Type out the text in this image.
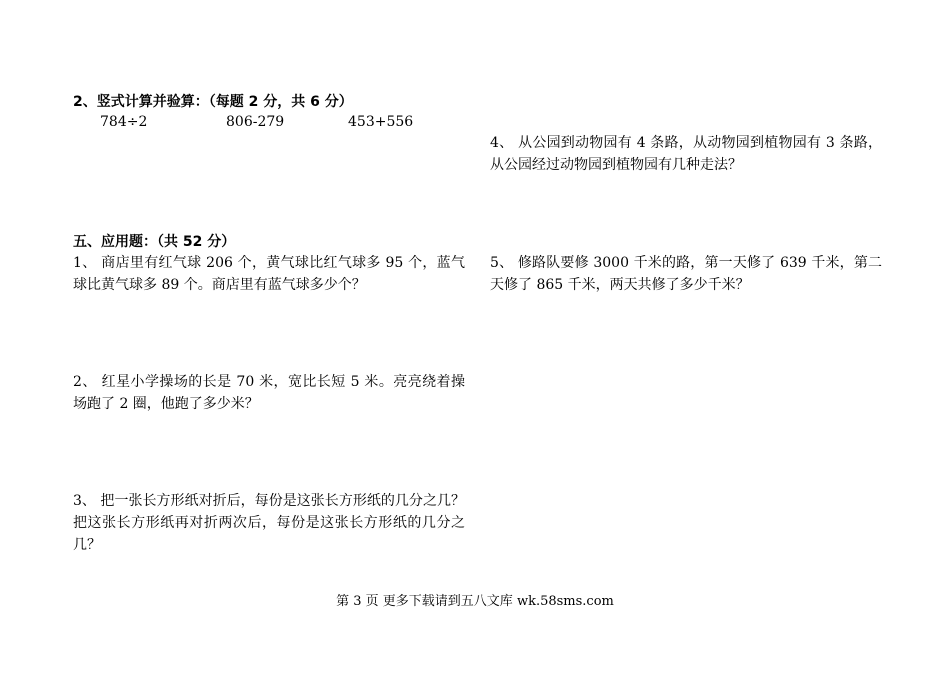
2、竖式计算并验算：（每题 2 分，共 6 分）
784÷2	806-279	453+556
五、应用题：（共 52 分）
1、 商店里有红气球 206 个，黄气球比红气球多 95 个，蓝气球比黄气球多 89 个。商店里有蓝气球多少个？
2、 红星小学操场的长是 70 米，宽比长短 5 米。亮亮绕着操场跑了 2 圈，他跑了多少米？
3、 把一张长方形纸对折后，每份是这张长方形纸的几分之几？把这张长方形纸再对折两次后，每份是这张长方形纸的几分之几？
4、 从公园到动物园有 4 条路，从动物园到植物园有 3 条路，从公园经过动物园到植物园有几种走法？
5、 修路队要修 3000 千米的路，第一天修了 639 千米，第二天修了 865 千米，两天共修了多少千米？
第 3 页 更多下载请到五八文库 wk.58sms.com
